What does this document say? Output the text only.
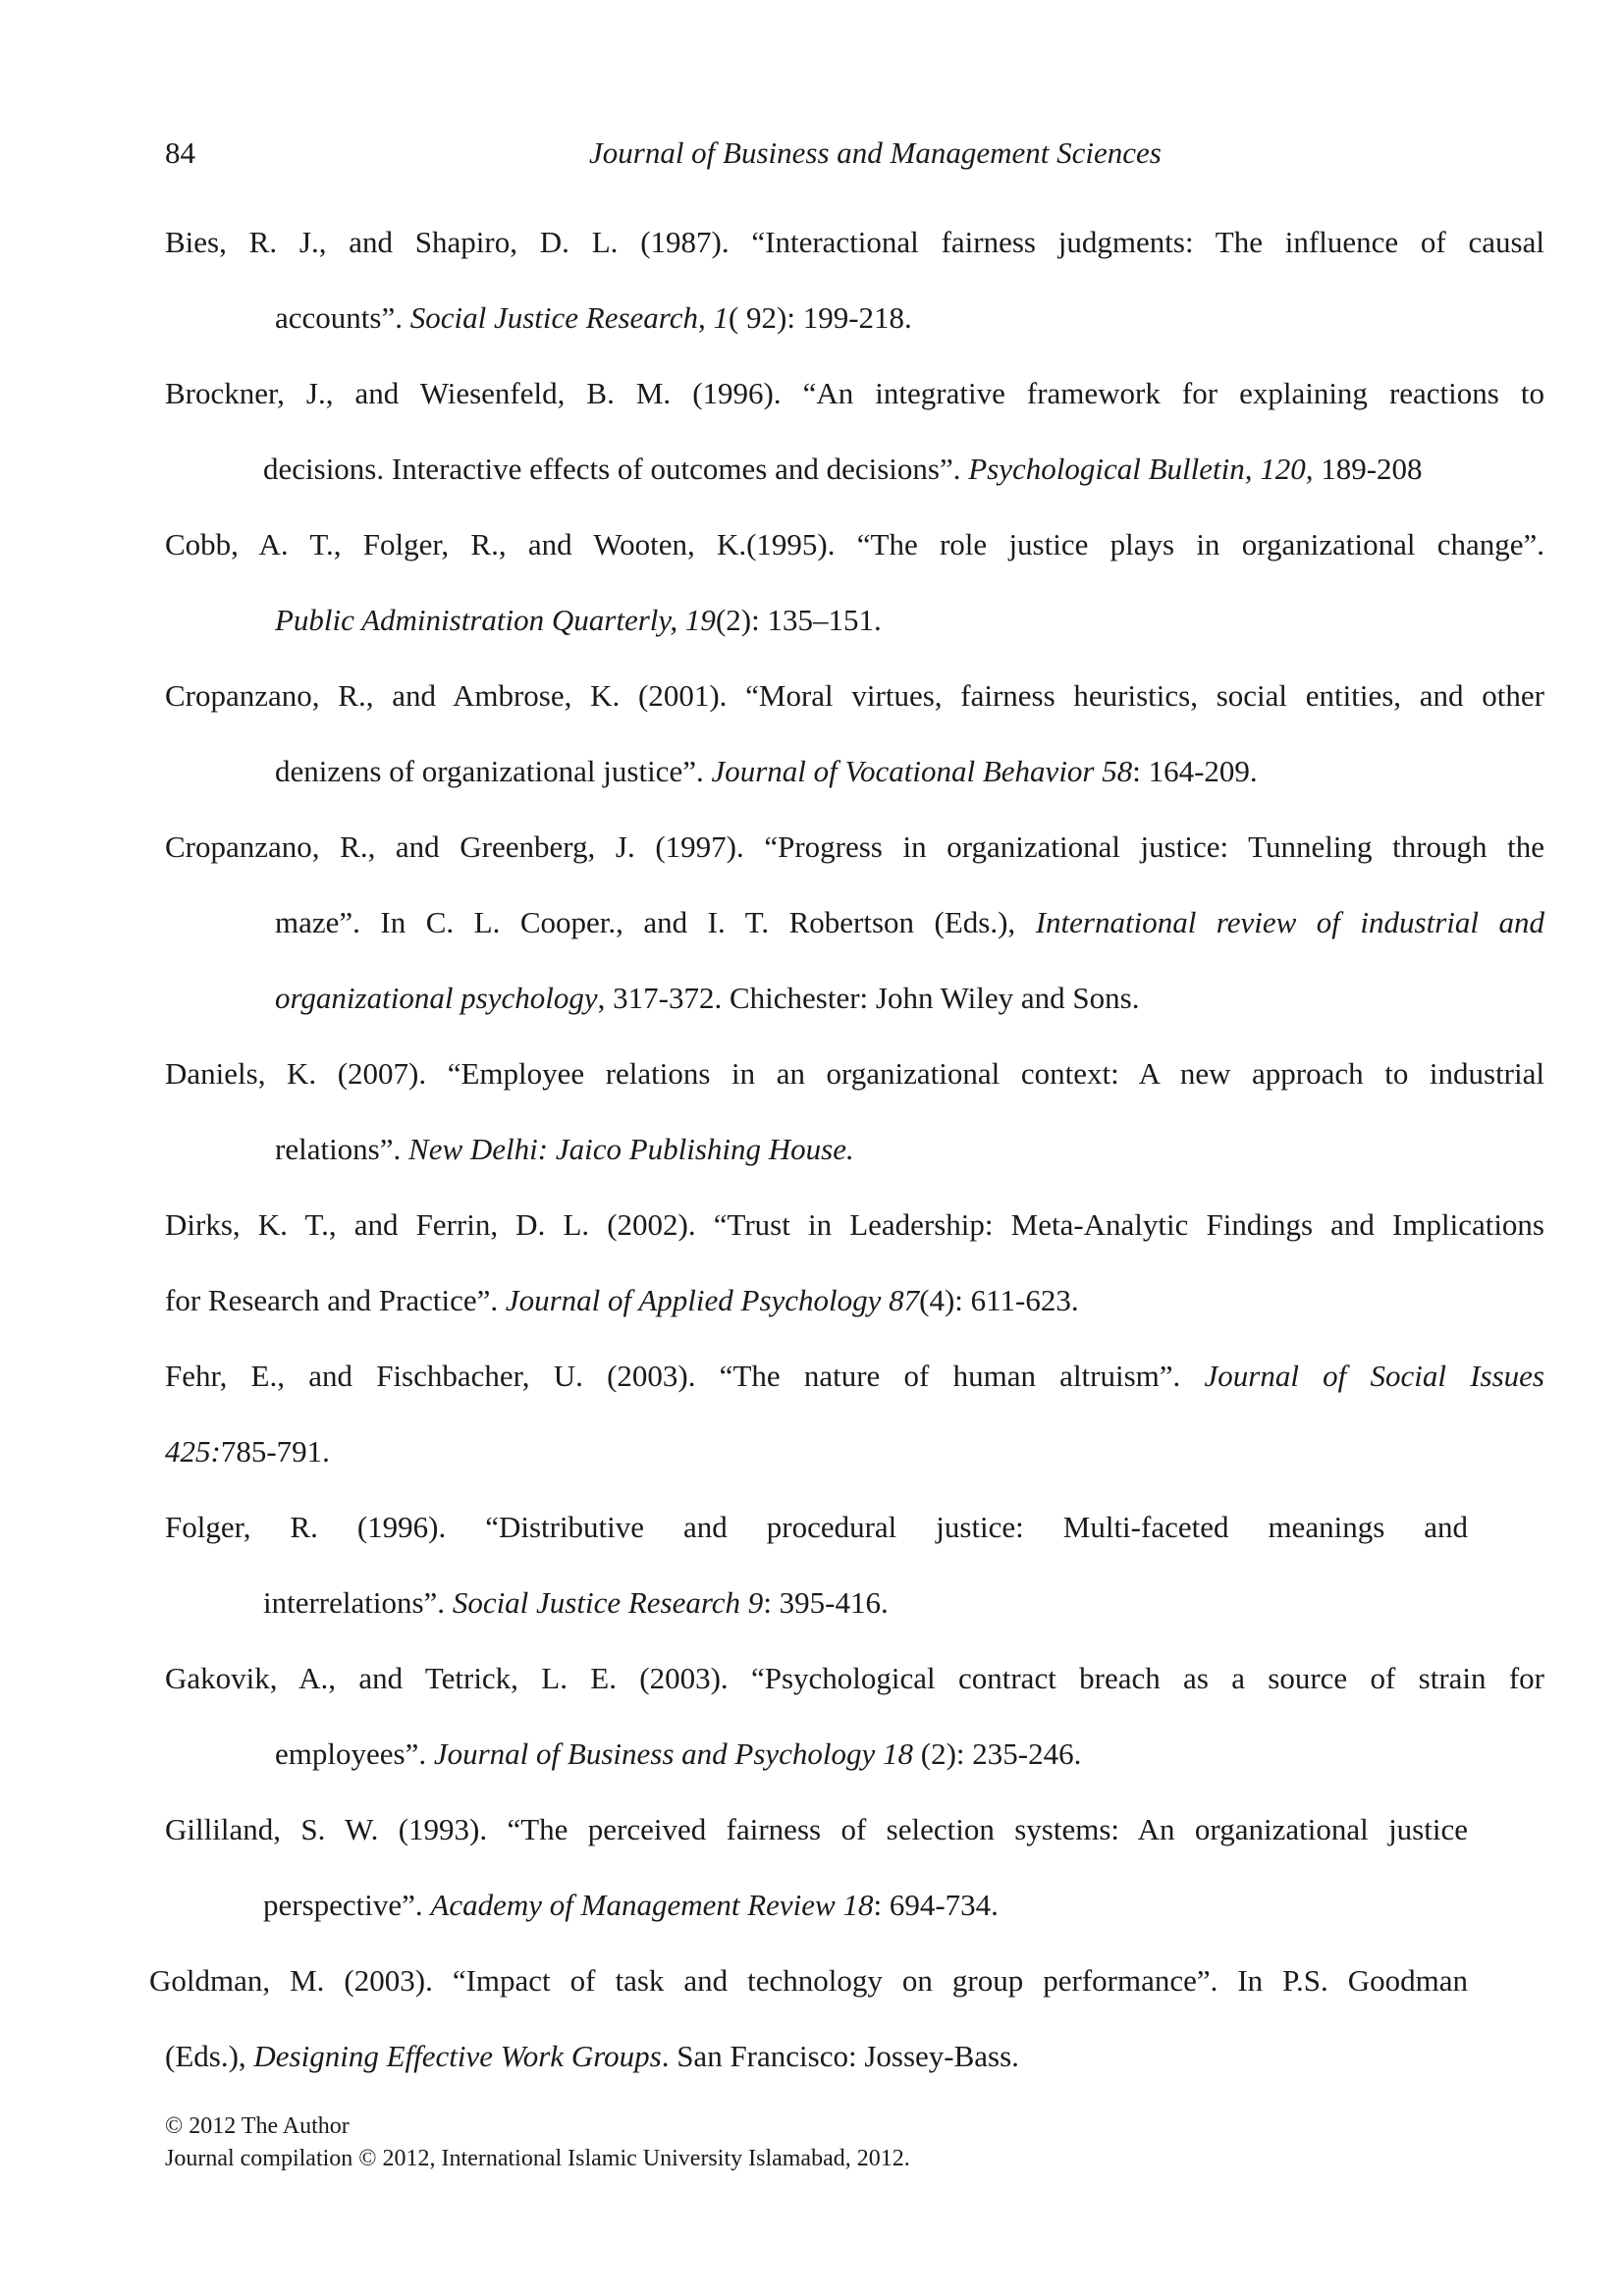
84	Journal of Business and Management Sciences
Bies, R. J., and Shapiro, D. L. (1987). “Interactional fairness judgments: The influence of causal
accounts”. Social Justice Research, 1( 92): 199-218.
Brockner, J., and Wiesenfeld, B. M. (1996). “An integrative framework for explaining reactions to
decisions. Interactive effects of outcomes and decisions”. Psychological Bulletin, 120, 189-208
Cobb, A. T., Folger, R., and Wooten, K.(1995). “The role justice plays in organizational change”.
Public Administration Quarterly, 19(2): 135–151.
Cropanzano, R., and Ambrose, K. (2001). “Moral virtues, fairness heuristics, social entities, and other
denizens of organizational justice”. Journal of Vocational Behavior 58: 164-209.
Cropanzano, R., and Greenberg, J. (1997). “Progress in organizational justice: Tunneling through the
maze”. In C. L. Cooper., and I. T. Robertson (Eds.), International review of industrial and
organizational psychology, 317-372. Chichester: John Wiley and Sons.
Daniels, K. (2007). “Employee relations in an organizational context: A new approach to industrial
relations”. New Delhi: Jaico Publishing House.
Dirks, K. T., and Ferrin, D. L. (2002). “Trust in Leadership: Meta-Analytic Findings and Implications
for Research and Practice”. Journal of Applied Psychology 87(4): 611-623.
Fehr, E., and Fischbacher, U. (2003). “The nature of human altruism”. Journal of Social Issues
425:785-791.
Folger, R. (1996). “Distributive and procedural justice: Multi-faceted meanings and
interrelations”. Social Justice Research 9: 395-416.
Gakovik, A., and Tetrick, L. E. (2003). “Psychological contract breach as a source of strain for
employees”. Journal of Business and Psychology 18 (2): 235-246.
Gilliland, S. W. (1993). “The perceived fairness of selection systems: An organizational justice
perspective”. Academy of Management Review 18: 694-734.
Goldman, M. (2003). “Impact of task and technology on group performance”. In P.S. Goodman
(Eds.), Designing Effective Work Groups. San Francisco: Jossey-Bass.
© 2012 The Author
Journal compilation © 2012, International Islamic University Islamabad, 2012.
